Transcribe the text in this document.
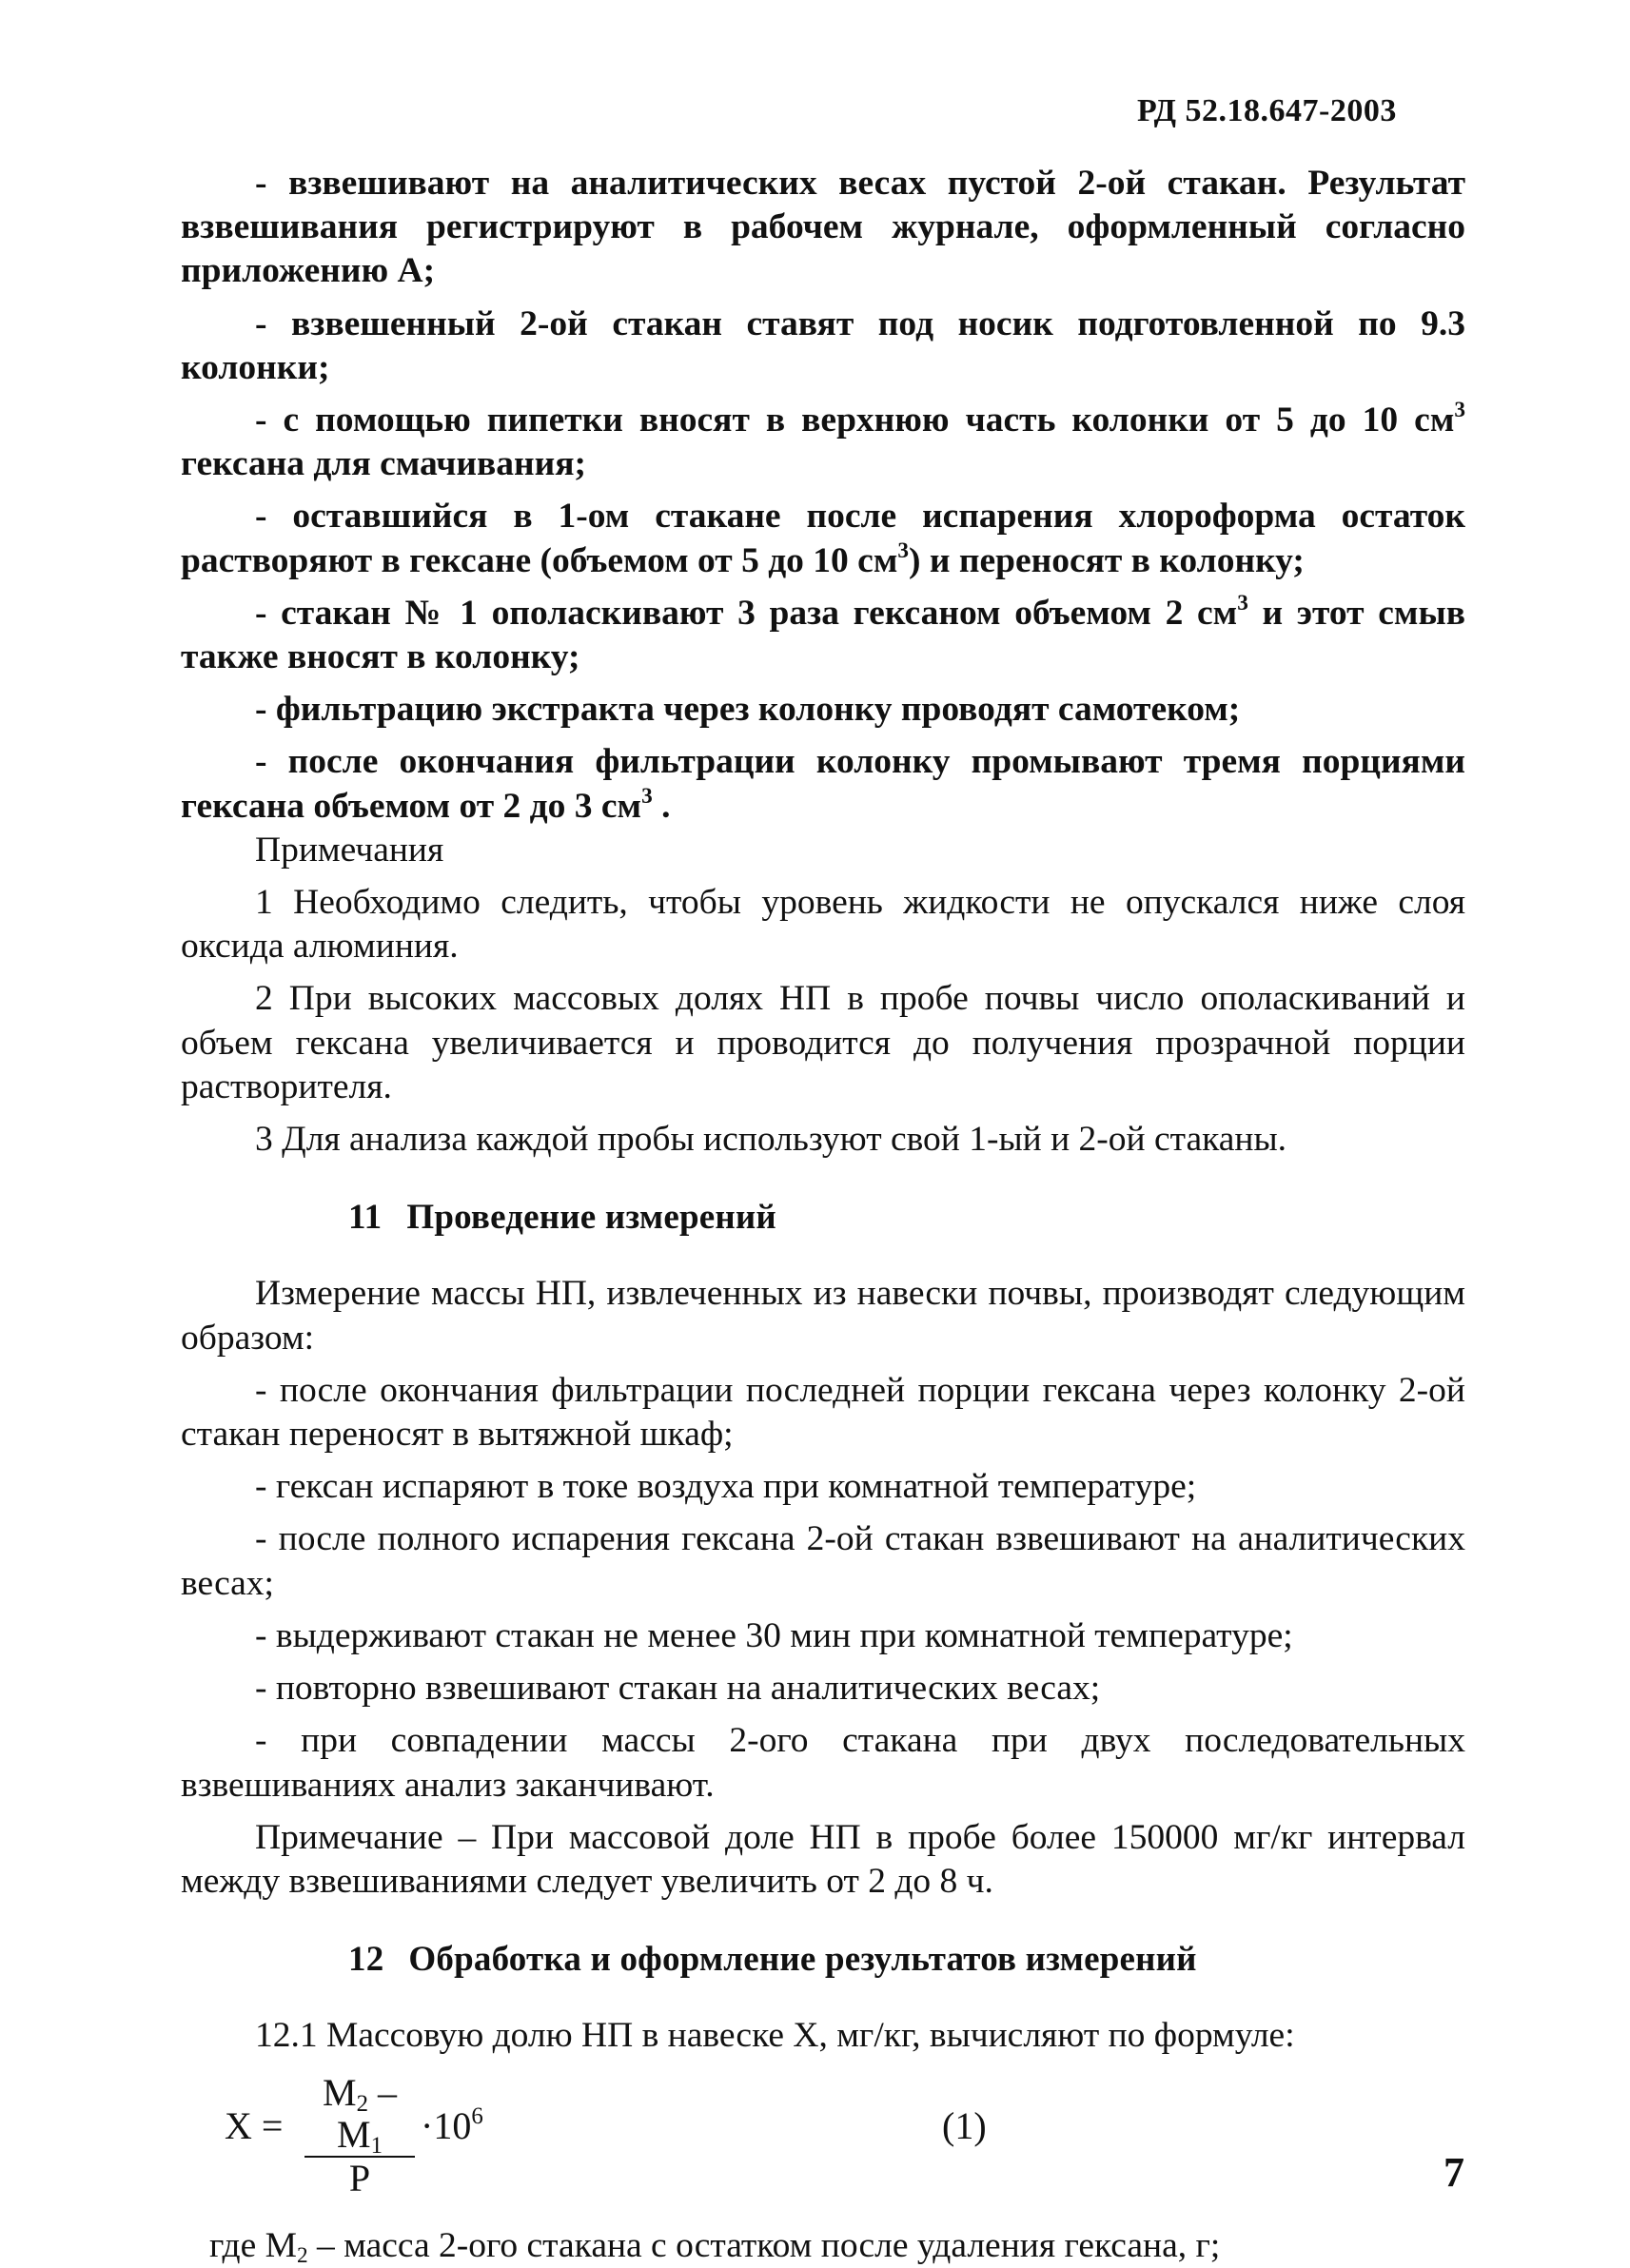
РД 52.18.647-2003

- взвешивают на аналитических весах пустой 2-ой стакан. Результат взвешивания регистрируют в рабочем журнале, оформленный согласно приложению А;

- взвешенный 2-ой стакан ставят под носик подготовленной по 9.3 колонки;

- с помощью пипетки вносят в верхнюю часть колонки от 5 до 10 $см^3$ гексана для смачивания;

- оставшийся в 1-ом стакане после испарения хлороформа остаток растворяют в гексане (объемом от 5 до 10 $см^3$) и переносят в колонку;

- стакан № 1 ополаскивают 3 раза гексаном объемом 2 $см^3$ и этот смыв также вносят в колонку;

- фильтрацию экстракта через колонку проводят самотеком;

- после окончания фильтрации колонку промывают тремя порциями гексана объемом от 2 до 3 $см^3$ .

Примечания

1 Необходимо следить, чтобы уровень жидкости не опускался ниже слоя оксида алюминия.

2 При высоких массовых долях НП в пробе почвы число ополаскиваний и объем гексана увеличивается и проводится до получения прозрачной порции растворителя.

3 Для анализа каждой пробы используют свой 1-ый и 2-ой стаканы.

11 Проведение измерений

Измерение массы НП, извлеченных из навески почвы, производят следующим образом:

- после окончания фильтрации последней порции гексана через колонку 2-ой стакан переносят в вытяжной шкаф;

- гексан испаряют в токе воздуха при комнатной температуре;

- после полного испарения гексана 2-ой стакан взвешивают на аналитических весах;

- выдерживают стакан не менее 30 мин при комнатной температуре;

- повторно взвешивают стакан на аналитических весах;

- при совпадении массы 2-ого стакана при двух последовательных взвешиваниях анализ заканчивают.

Примечание – При массовой доле НП в пробе более 150000 мг/кг интервал между взвешиваниями следует увеличить от 2 до 8 ч.

12 Обработка и оформление результатов измерений

12.1 Массовую долю НП в навеске X, мг/кг, вычисляют по формуле:

X =
$M_2 - M_1$
P
$\cdot 10^6$	(1)

где $M_2$ – масса 2-ого стакана с остатком после удаления гексана, г;

7
